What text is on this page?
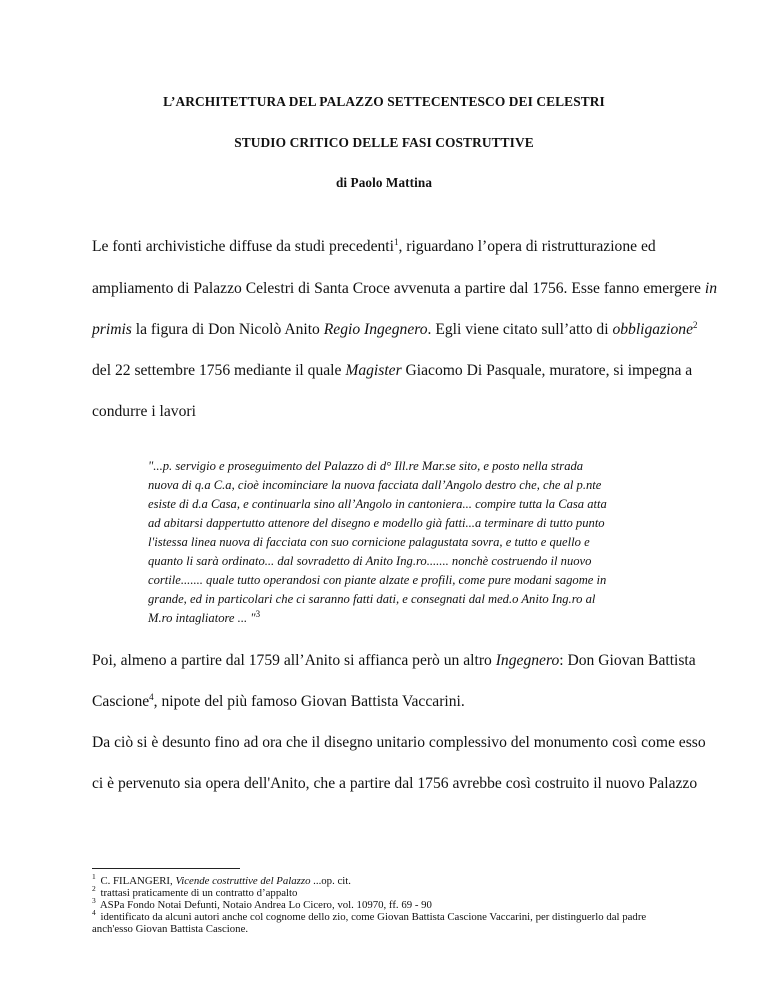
L’ARCHITETTURA DEL PALAZZO SETTECENTESCO DEI CELESTRI
STUDIO CRITICO DELLE FASI COSTRUTTIVE
di Paolo Mattina
Le fonti archivistiche diffuse da studi precedenti$^1$, riguardano l’opera di ristrutturazione ed
ampliamento di Palazzo Celestri di Santa Croce avvenuta a partire dal 1756. Esse fanno emergere in
primis la figura di Don Nicolò Anito Regio Ingegnero. Egli viene citato sull’atto di obbligazione$^2$
del 22 settembre 1756 mediante il quale Magister Giacomo Di Pasquale, muratore, si impegna a
condurre i lavori
"...p. servigio e proseguimento del Palazzo di d° Ill.re Mar.se sito, e posto nella strada
nuova di q.a C.a, cioè incominciare la nuova facciata dall’Angolo destro che, che al p.nte
esiste di d.a Casa, e continuarla sino all’Angolo in cantoniera... compire tutta la Casa atta
ad abitarsi dappertutto attenore del disegno e modello già fatti...a terminare di tutto punto
l'istessa linea nuova di facciata con suo cornicione palagustata sovra, e tutto e quello e
quanto li sarà ordinato... dal sovradetto di Anito Ing.ro....... nonchè costruendo il nuovo
cortile....... quale tutto operandosi con piante alzate e profili, come pure modani sagome in
grande, ed in particolari che ci saranno fatti dati, e consegnati dal med.o Anito Ing.ro al
M.ro intagliatore ... "$^3$
Poi, almeno a partire dal 1759 all’Anito si affianca però un altro Ingegnero: Don Giovan Battista
Cascione$^4$, nipote del più famoso Giovan Battista Vaccarini.
Da ciò si è desunto fino ad ora che il disegno unitario complessivo del monumento così come esso
ci è pervenuto sia opera dell'Anito, che a partire dal 1756 avrebbe così costruito il nuovo Palazzo
$^1$ C. FILANGERI, Vicende costruttive del Palazzo ...op. cit.
$^2$ trattasi praticamente di un contratto d’appalto
$^3$ ASPa Fondo Notai Defunti, Notaio Andrea Lo Cicero, vol. 10970, ff. 69 - 90
$^4$ identificato da alcuni autori anche col cognome dello zio, come Giovan Battista Cascione Vaccarini, per distinguerlo dal padre
anch'esso Giovan Battista Cascione.
